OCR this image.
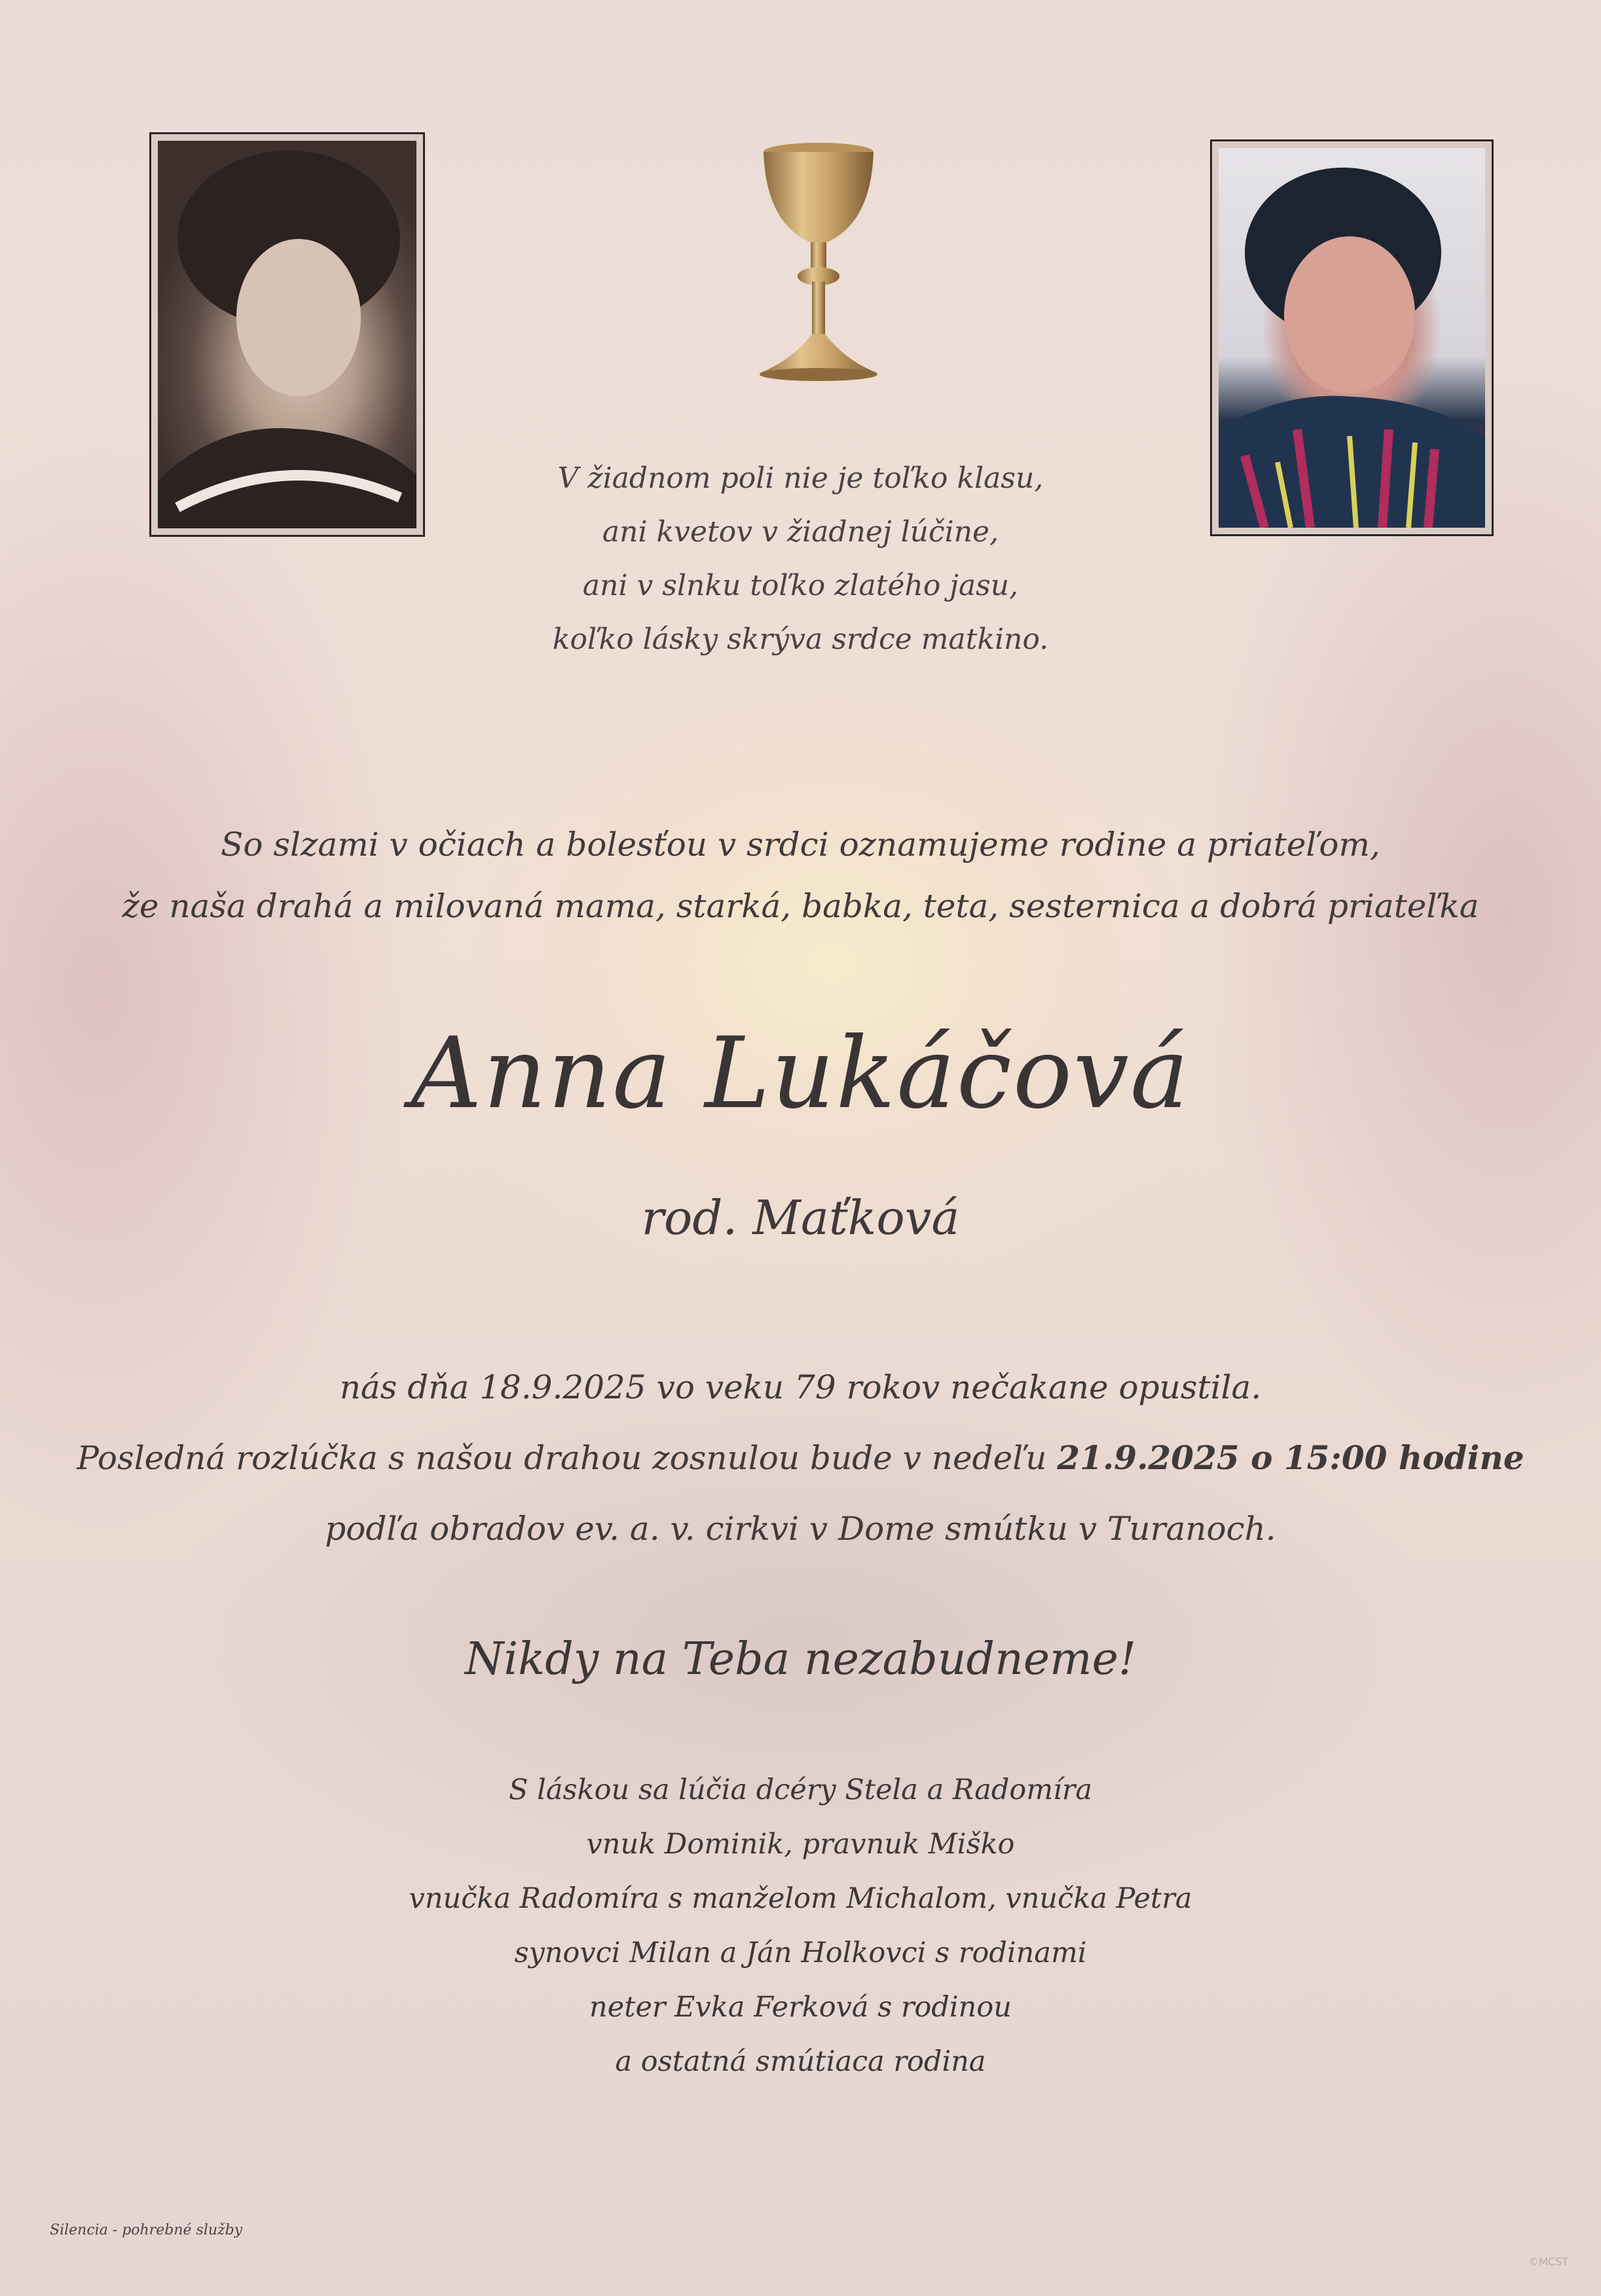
V žiadnom poli nie je toľko klasu,
ani kvetov v žiadnej lúčine,
ani v slnku toľko zlatého jasu,
koľko lásky skrýva srdce matkino.
So slzami v očiach a bolesťou v srdci oznamujeme rodine a priateľom,
že naša drahá a milovaná mama, starká, babka, teta, sesternica a dobrá priateľka
Anna Lukáčová
rod. Maťková
nás dňa 18.9.2025 vo veku 79 rokov nečakane opustila.
Posledná rozlúčka s našou drahou zosnulou bude v nedeľu 21.9.2025 o 15:00 hodine
podľa obradov ev. a. v. cirkvi v Dome smútku v Turanoch.
Nikdy na Teba nezabudneme!
S láskou sa lúčia dcéry Stela a Radomíra
vnuk Dominik, pravnuk Miško
vnučka Radomíra s manželom Michalom, vnučka Petra
synovci Milan a Ján Holkovci s rodinami
neter Evka Ferková s rodinou
a ostatná smútiaca rodina
Silencia - pohrebné služby
©MCST
